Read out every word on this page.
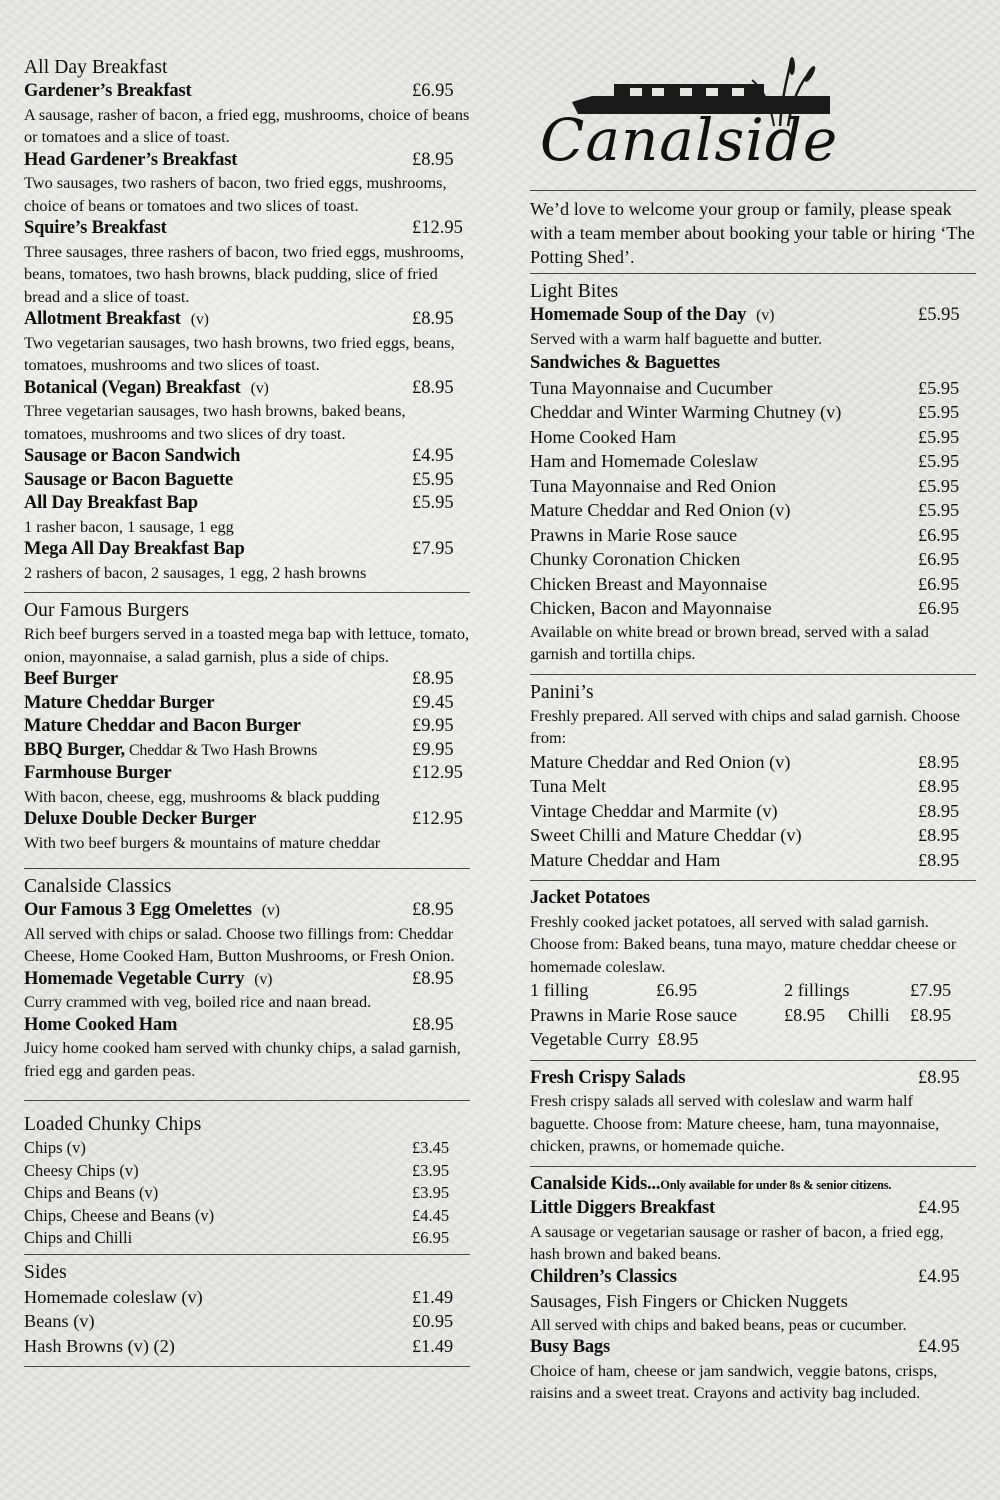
All Day Breakfast
Gardener’s Breakfast	£6.95
A sausage, rasher of bacon, a fried egg, mushrooms, choice of beans or tomatoes and a slice of toast.
Head Gardener’s Breakfast	£8.95
Two sausages, two rashers of bacon, two fried eggs, mushrooms, choice of beans or tomatoes and two slices of toast.
Squire’s Breakfast	£12.95
Three sausages, three rashers of bacon, two fried eggs, mushrooms, beans, tomatoes, two hash browns, black pudding, slice of fried bread and a slice of toast.
Allotment Breakfast (v)	£8.95
Two vegetarian sausages, two hash browns, two fried eggs, beans, tomatoes, mushrooms and two slices of toast.
Botanical (Vegan) Breakfast (v)	£8.95
Three vegetarian sausages, two hash browns, baked beans, tomatoes, mushrooms and two slices of dry toast.
Sausage or Bacon Sandwich	£4.95
Sausage or Bacon Baguette	£5.95
All Day Breakfast Bap	£5.95
1 rasher bacon, 1 sausage, 1 egg
Mega All Day Breakfast Bap	£7.95
2 rashers of bacon, 2 sausages, 1 egg, 2 hash browns
Our Famous Burgers
Rich beef burgers served in a toasted mega bap with lettuce, tomato, onion, mayonnaise, a salad garnish, plus a side of chips.
Beef Burger	£8.95
Mature Cheddar Burger	£9.45
Mature Cheddar and Bacon Burger	£9.95
BBQ Burger, Cheddar & Two Hash Browns	£9.95
Farmhouse Burger	£12.95
With bacon, cheese, egg, mushrooms & black pudding
Deluxe Double Decker Burger	£12.95
With two beef burgers & mountains of mature cheddar
Canalside Classics
Our Famous 3 Egg Omelettes (v)	£8.95
All served with chips or salad. Choose two fillings from: Cheddar Cheese, Home Cooked Ham, Button Mushrooms, or Fresh Onion.
Homemade Vegetable Curry (v)	£8.95
Curry crammed with veg, boiled rice and naan bread.
Home Cooked Ham	£8.95
Juicy home cooked ham served with chunky chips, a salad garnish, fried egg and garden peas.
Loaded Chunky Chips
Chips (v)	£3.45
Cheesy Chips (v)	£3.95
Chips and Beans (v)	£3.95
Chips, Cheese and Beans (v)	£4.45
Chips and Chilli	£6.95
Sides
Homemade coleslaw (v)	£1.49
Beans (v)	£0.95
Hash Browns (v) (2)	£1.49
Canalside
We’d love to welcome your group or family, please speak with a team member about booking your table or hiring ‘The Potting Shed’.
Light Bites
Homemade Soup of the Day (v)	£5.95
Served with a warm half baguette and butter.
Sandwiches & Baguettes
Tuna Mayonnaise and Cucumber	£5.95
Cheddar and Winter Warming Chutney (v)	£5.95
Home Cooked Ham	£5.95
Ham and Homemade Coleslaw	£5.95
Tuna Mayonnaise and Red Onion	£5.95
Mature Cheddar and Red Onion (v)	£5.95
Prawns in Marie Rose sauce	£6.95
Chunky Coronation Chicken	£6.95
Chicken Breast and Mayonnaise	£6.95
Chicken, Bacon and Mayonnaise	£6.95
Available on white bread or brown bread, served with a salad garnish and tortilla chips.
Panini’s
Freshly prepared. All served with chips and salad garnish. Choose from:
Mature Cheddar and Red Onion (v)	£8.95
Tuna Melt	£8.95
Vintage Cheddar and Marmite (v)	£8.95
Sweet Chilli and Mature Cheddar (v)	£8.95
Mature Cheddar and Ham	£8.95
Jacket Potatoes
Freshly cooked jacket potatoes, all served with salad garnish. Choose from: Baked beans, tuna mayo, mature cheddar cheese or homemade coleslaw.
1 filling	£6.95	2 fillings	£7.95
Prawns in Marie Rose sauce	£8.95	Chilli	£8.95
Vegetable Curry £8.95
Fresh Crispy Salads	£8.95
Fresh crispy salads all served with coleslaw and warm half baguette. Choose from: Mature cheese, ham, tuna mayonnaise, chicken, prawns, or homemade quiche.
Canalside Kids...Only available for under 8s & senior citizens.
Little Diggers Breakfast	£4.95
A sausage or vegetarian sausage or rasher of bacon, a fried egg, hash brown and baked beans.
Children’s Classics	£4.95
Sausages, Fish Fingers or Chicken Nuggets
All served with chips and baked beans, peas or cucumber.
Busy Bags	£4.95
Choice of ham, cheese or jam sandwich, veggie batons, crisps, raisins and a sweet treat. Crayons and activity bag included.
